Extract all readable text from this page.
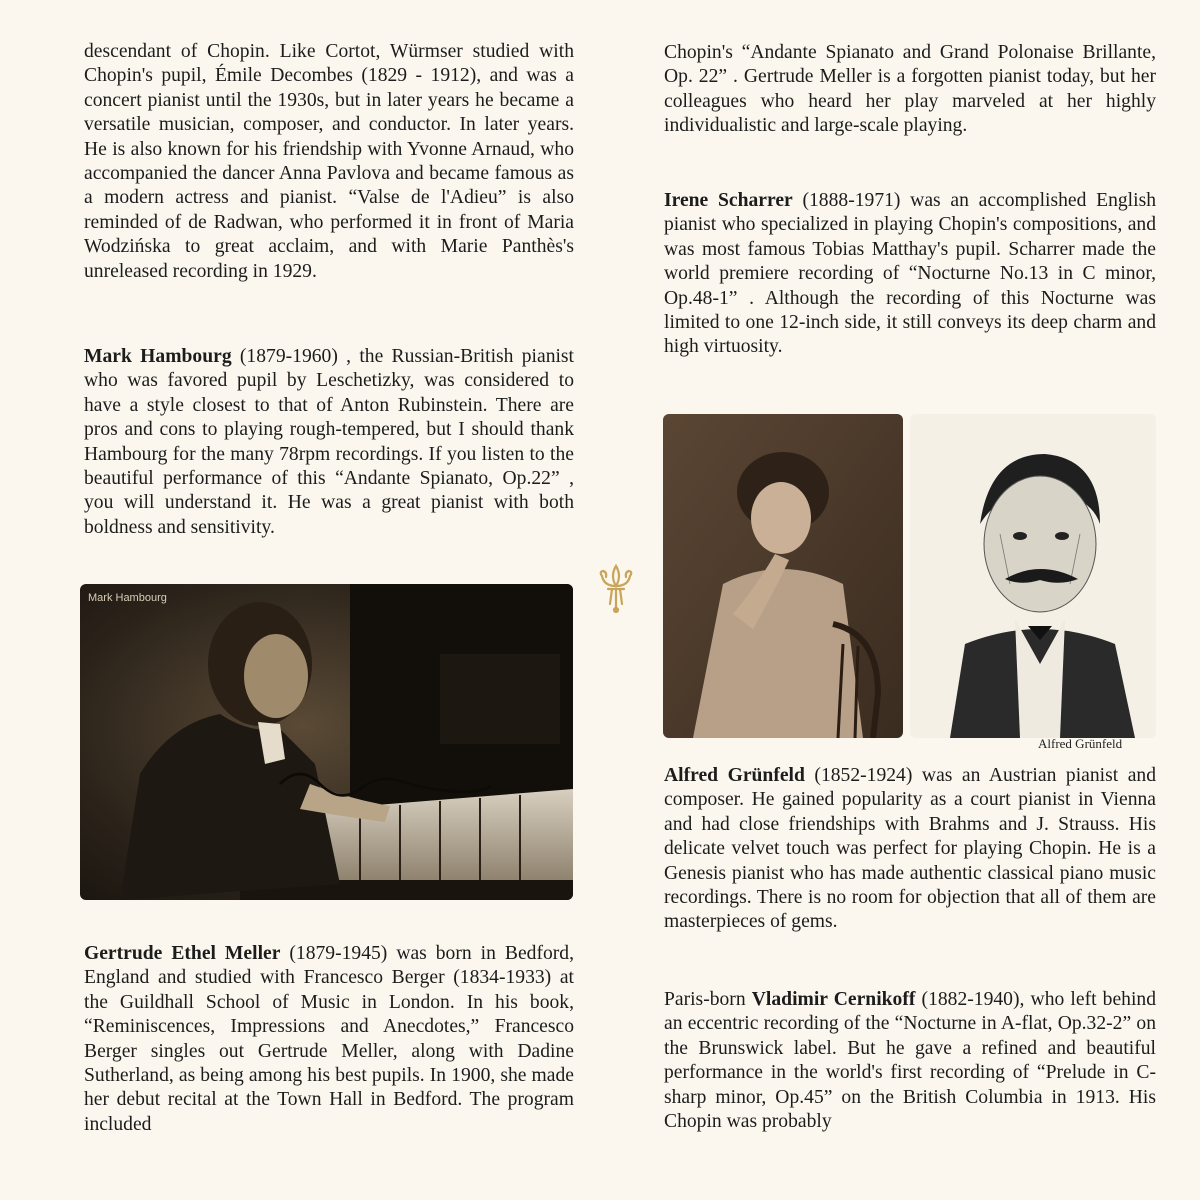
descendant of Chopin. Like Cortot, Würmser studied with Chopin's pupil, Émile Decombes (1829 - 1912), and was a concert pianist until the 1930s, but in later years he became a versatile musician, composer, and conductor. In later years. He is also known for his friendship with Yvonne Arnaud, who accompanied the dancer Anna Pavlova and became famous as a modern actress and pianist. “Valse de l'Adieu” is also reminded of de Radwan, who performed it in front of Maria Wodzińska to great acclaim, and with Marie Panthès's unreleased recording in 1929.

Mark Hambourg (1879-1960) , the Russian-British pianist who was favored pupil by Leschetizky, was considered to have a style closest to that of Anton Rubinstein. There are pros and cons to playing rough-tempered, but I should thank Hambourg for the many 78rpm recordings. If you listen to the beautiful performance of this “Andante Spianato, Op.22” , you will understand it. He was a great pianist with both boldness and sensitivity.

Gertrude Ethel Meller (1879-1945) was born in Bedford, England and studied with Francesco Berger (1834-1933) at the Guildhall School of Music in London. In his book, “Reminiscences, Impressions and Anecdotes,” Francesco Berger singles out Gertrude Meller, along with Dadine Sutherland, as being among his best pupils. In 1900, she made her debut recital at the Town Hall in Bedford. The program included

Mark Hambourg

Chopin's “Andante Spianato and Grand Polonaise Brillante, Op. 22” . Gertrude Meller is a forgotten pianist today, but her colleagues who heard her play marveled at her highly individualistic and large-scale playing.

Irene Scharrer (1888-1971) was an accomplished English pianist who specialized in playing Chopin's compositions, and was most famous Tobias Matthay's pupil. Scharrer made the world premiere recording of “Nocturne No.13 in C minor, Op.48-1” . Although the recording of this Nocturne was limited to one 12-inch side, it still conveys its deep charm and high virtuosity.

Alfred Grünfeld (1852-1924) was an Austrian pianist and composer. He gained popularity as a court pianist in Vienna and had close friendships with Brahms and J. Strauss. His delicate velvet touch was perfect for playing Chopin. He is a Genesis pianist who has made authentic classical piano music recordings. There is no room for objection that all of them are masterpieces of gems.

Paris-born Vladimir Cernikoff (1882-1940), who left behind an eccentric recording of the “Nocturne in A-flat, Op.32-2” on the Brunswick label. But he gave a refined and beautiful performance in the world's first recording of “Prelude in C-sharp minor, Op.45” on the British Columbia in 1913. His Chopin was probably

Alfred Grünfeld
